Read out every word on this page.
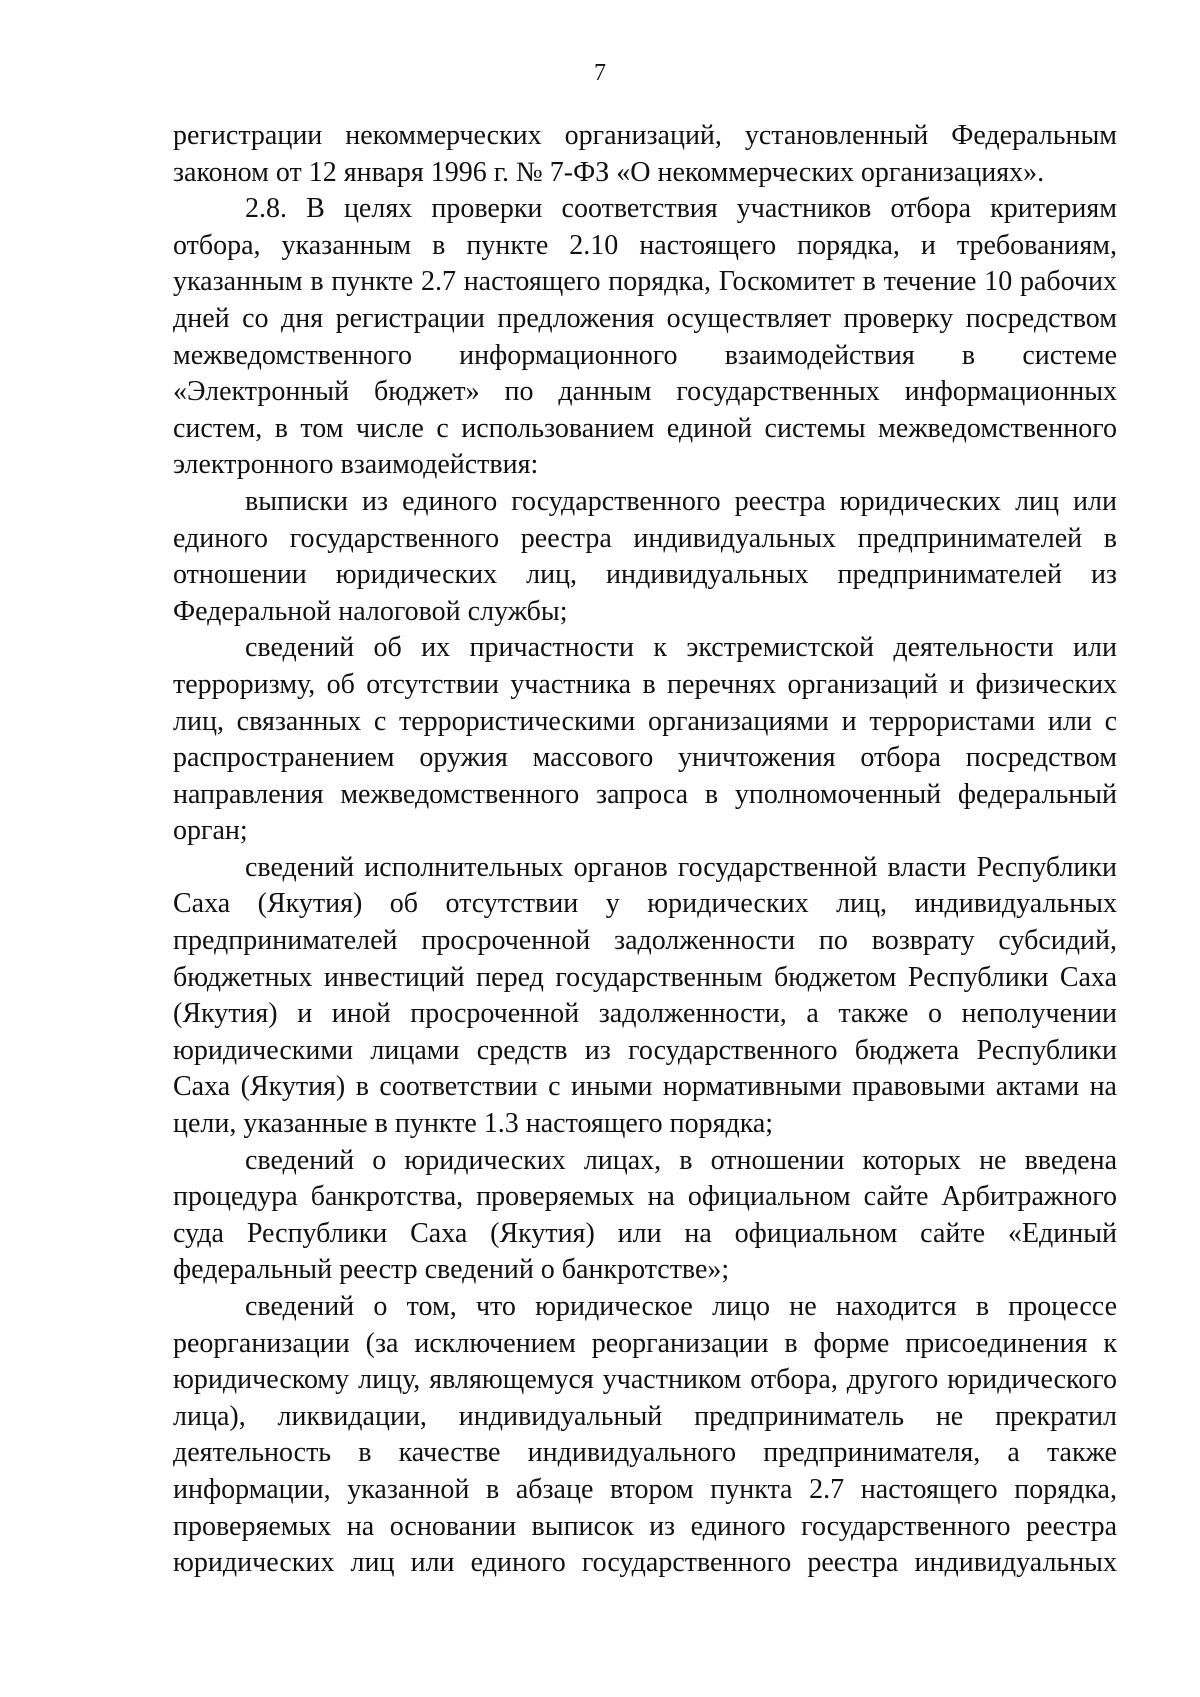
7

регистрации некоммерческих организаций, установленный Федеральным законом от 12 января 1996 г. № 7-ФЗ «О некоммерческих организациях».

2.8. В целях проверки соответствия участников отбора критериям отбора, указанным в пункте 2.10 настоящего порядка, и требованиям, указанным в пункте 2.7 настоящего порядка, Госкомитет в течение 10 рабочих дней со дня регистрации предложения осуществляет проверку посредством межведомственного информационного взаимодействия в системе «Электронный бюджет» по данным государственных информационных систем, в том числе с использованием единой системы межведомственного электронного взаимодействия:

выписки из единого государственного реестра юридических лиц или единого государственного реестра индивидуальных предпринимателей в отношении юридических лиц, индивидуальных предпринимателей из Федеральной налоговой службы;

сведений об их причастности к экстремистской деятельности или терроризму, об отсутствии участника в перечнях организаций и физических лиц, связанных с террористическими организациями и террористами или с распространением оружия массового уничтожения отбора посредством направления межведомственного запроса в уполномоченный федеральный орган;

сведений исполнительных органов государственной власти Республики Саха (Якутия) об отсутствии у юридических лиц, индивидуальных предпринимателей просроченной задолженности по возврату субсидий, бюджетных инвестиций перед государственным бюджетом Республики Саха (Якутия) и иной просроченной задолженности, а также о неполучении юридическими лицами средств из государственного бюджета Республики Саха (Якутия) в соответствии с иными нормативными правовыми актами на цели, указанные в пункте 1.3 настоящего порядка;

сведений о юридических лицах, в отношении которых не введена процедура банкротства, проверяемых на официальном сайте Арбитражного суда Республики Саха (Якутия) или на официальном сайте «Единый федеральный реестр сведений о банкротстве»;

сведений о том, что юридическое лицо не находится в процессе реорганизации (за исключением реорганизации в форме присоединения к юридическому лицу, являющемуся участником отбора, другого юридического лица), ликвидации, индивидуальный предприниматель не прекратил деятельность в качестве индивидуального предпринимателя, а также информации, указанной в абзаце втором пункта 2.7 настоящего порядка, проверяемых на основании выписок из единого государственного реестра юридических лиц или единого государственного реестра индивидуальных
